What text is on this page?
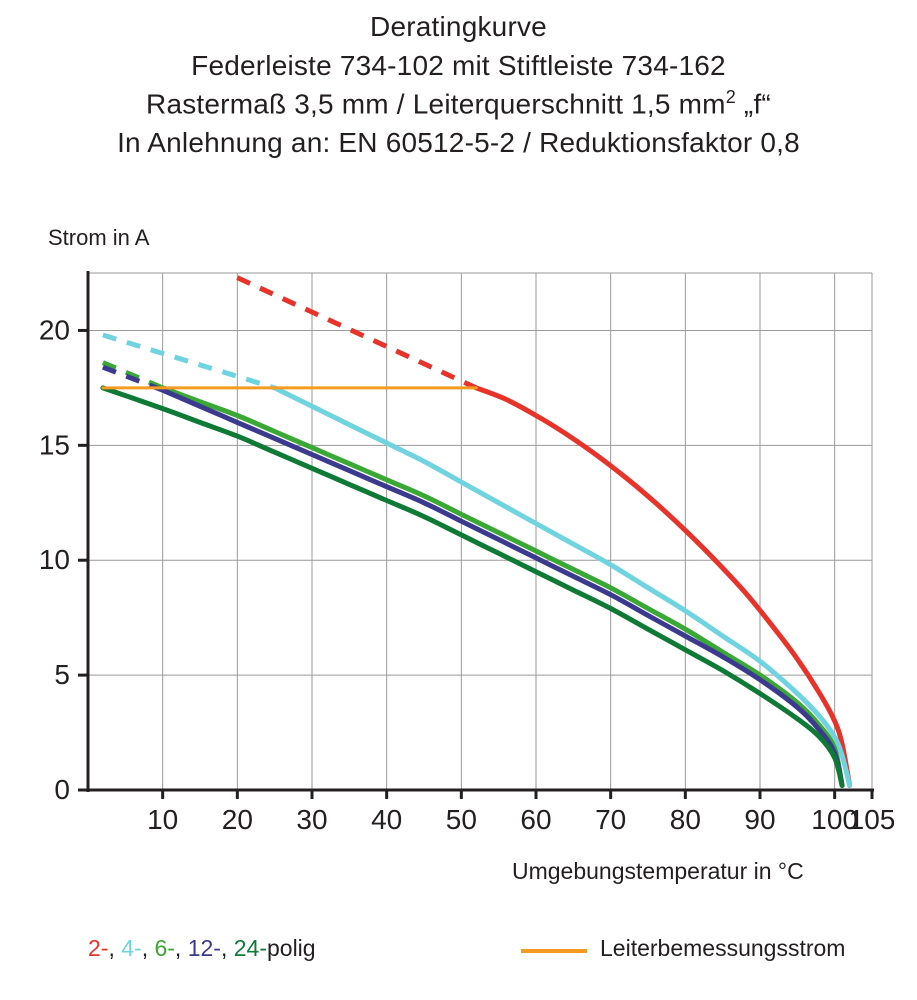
Deratingkurve
Federleiste 734-102 mit Stiftleiste 734-162
Rastermaß 3,5 mm / Leiterquerschnitt 1,5 $mm^2$ „f“
In Anlehnung an: EN 60512-5-2 / Reduktionsfaktor 0,8
Strom in A
Umgebungstemperatur in °C
0
5
10
15
20
10 20 30 40 50 60 70 80 90 100
105
2-, 4-, 6-, 12-, 24-polig	Leiterbemessungsstrom
